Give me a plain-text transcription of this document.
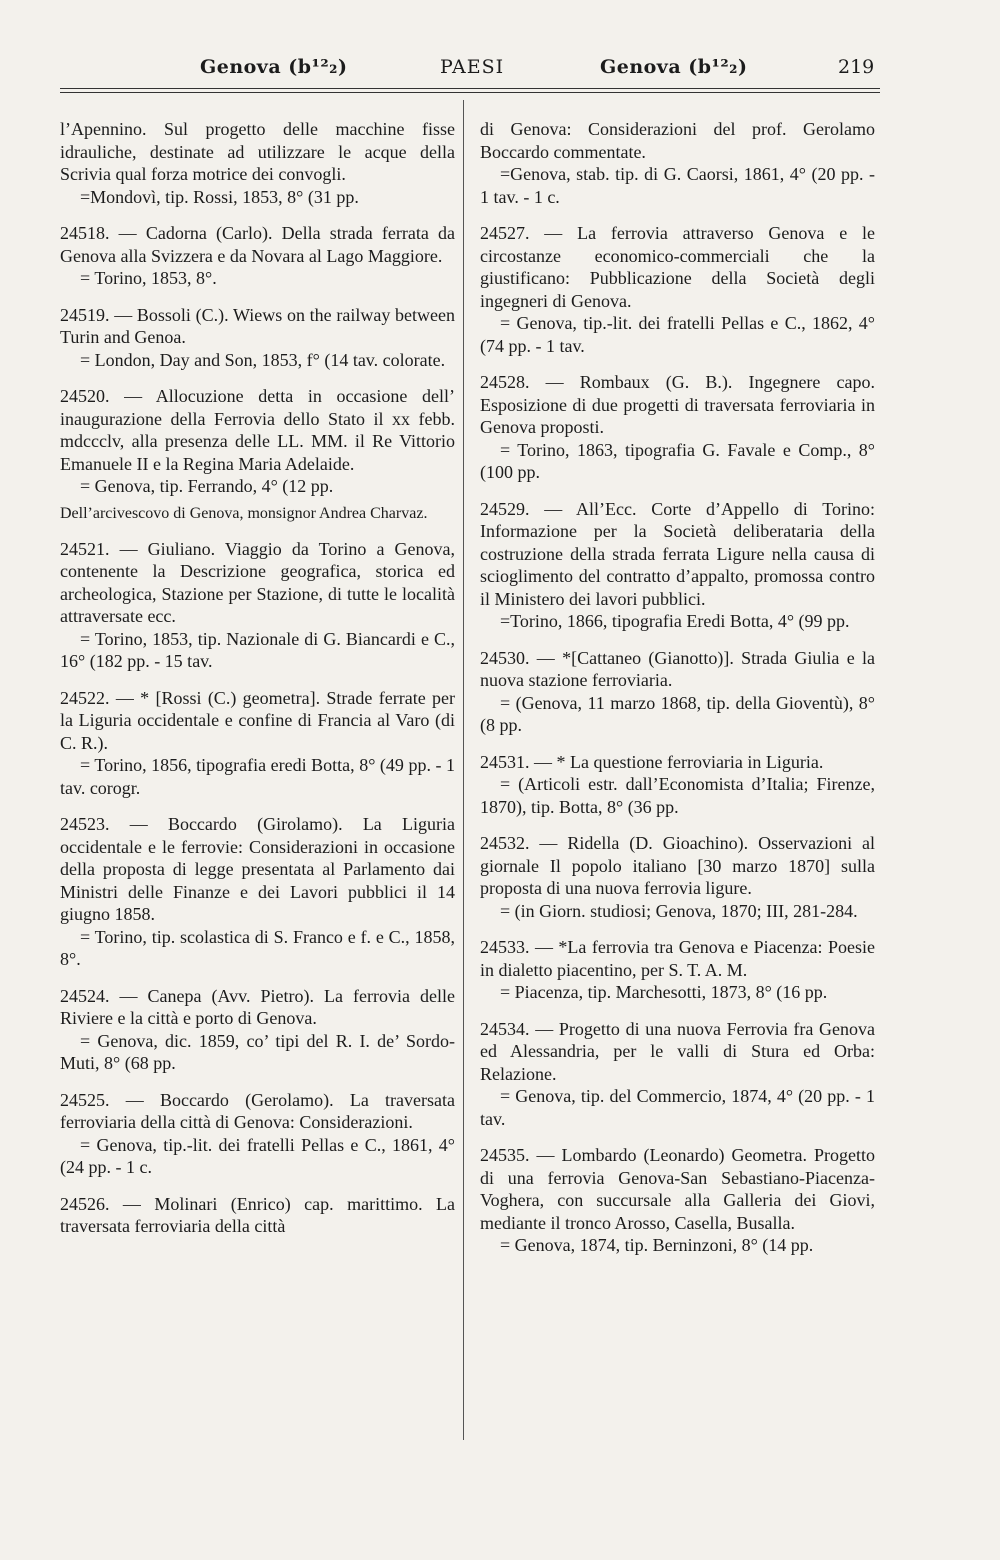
Genova (b¹²₂)	PAESI	Genova (b¹²₂)	219

l’Apennino. Sul progetto delle macchine fisse idrauliche, destinate ad utilizzare le acque della Scrivia qual forza motrice dei convogli.

=Mondovì, tip. Rossi, 1853, 8° (31 pp.

24518. — Cadorna (Carlo). Della strada ferrata da Genova alla Svizzera e da Novara al Lago Maggiore.

= Torino, 1853, 8°.

24519. — Bossoli (C.). Wiews on the railway between Turin and Genoa.

= London, Day and Son, 1853, f° (14 tav. colorate.

24520. — Allocuzione detta in occasione dell’ inaugurazione della Ferrovia dello Stato il xx febb. mdccclv, alla presenza delle LL. MM. il Re Vittorio Emanuele II e la Regina Maria Adelaide.

= Genova, tip. Ferrando, 4° (12 pp.

Dell’arcivescovo di Genova, monsignor Andrea Charvaz.

24521. — Giuliano. Viaggio da Torino a Genova, contenente la Descrizione geografica, storica ed archeologica, Stazione per Stazione, di tutte le località attraversate ecc.

= Torino, 1853, tip. Nazionale di G. Biancardi e C., 16° (182 pp. - 15 tav.

24522. — * [Rossi (C.) geometra]. Strade ferrate per la Liguria occidentale e confine di Francia al Varo (di C. R.).

= Torino, 1856, tipografia eredi Botta, 8° (49 pp. - 1 tav. corogr.

24523. — Boccardo (Girolamo). La Liguria occidentale e le ferrovie: Considerazioni in occasione della proposta di legge presentata al Parlamento dai Ministri delle Finanze e dei Lavori pubblici il 14 giugno 1858.

= Torino, tip. scolastica di S. Franco e f. e C., 1858, 8°.

24524. — Canepa (Avv. Pietro). La ferrovia delle Riviere e la città e porto di Genova.

= Genova, dic. 1859, co’ tipi del R. I. de’ Sordo-Muti, 8° (68 pp.

24525. — Boccardo (Gerolamo). La traversata ferroviaria della città di Genova: Considerazioni.

= Genova, tip.-lit. dei fratelli Pellas e C., 1861, 4° (24 pp. - 1 c.

24526. — Molinari (Enrico) cap. marittimo. La traversata ferroviaria della città

di Genova: Considerazioni del prof. Gerolamo Boccardo commentate.

=Genova, stab. tip. di G. Caorsi, 1861, 4° (20 pp. - 1 tav. - 1 c.

24527. — La ferrovia attraverso Genova e le circostanze economico-commerciali che la giustificano: Pubblicazione della Società degli ingegneri di Genova.

= Genova, tip.-lit. dei fratelli Pellas e C., 1862, 4° (74 pp. - 1 tav.

24528. — Rombaux (G. B.). Ingegnere capo. Esposizione di due progetti di traversata ferroviaria in Genova proposti.

= Torino, 1863, tipografia G. Favale e Comp., 8° (100 pp.

24529. — All’Ecc. Corte d’Appello di Torino: Informazione per la Società deliberataria della costruzione della strada ferrata Ligure nella causa di scioglimento del contratto d’appalto, promossa contro il Ministero dei lavori pubblici.

=Torino, 1866, tipografia Eredi Botta, 4° (99 pp.

24530. — *[Cattaneo (Gianotto)]. Strada Giulia e la nuova stazione ferroviaria.

= (Genova, 11 marzo 1868, tip. della Gioventù), 8° (8 pp.

24531. — * La questione ferroviaria in Liguria.

= (Articoli estr. dall’Economista d’Italia; Firenze, 1870), tip. Botta, 8° (36 pp.

24532. — Ridella (D. Gioachino). Osservazioni al giornale Il popolo italiano [30 marzo 1870] sulla proposta di una nuova ferrovia ligure.

= (in Giorn. studiosi; Genova, 1870; III, 281-284.

24533. — *La ferrovia tra Genova e Piacenza: Poesie in dialetto piacentino, per S. T. A. M.

= Piacenza, tip. Marchesotti, 1873, 8° (16 pp.

24534. — Progetto di una nuova Ferrovia fra Genova ed Alessandria, per le valli di Stura ed Orba: Relazione.

= Genova, tip. del Commercio, 1874, 4° (20 pp. - 1 tav.

24535. — Lombardo (Leonardo) Geometra. Progetto di una ferrovia Genova-San Sebastiano-Piacenza-Voghera, con succursale alla Galleria dei Giovi, mediante il tronco Arosso, Casella, Busalla.

= Genova, 1874, tip. Berninzoni, 8° (14 pp.
